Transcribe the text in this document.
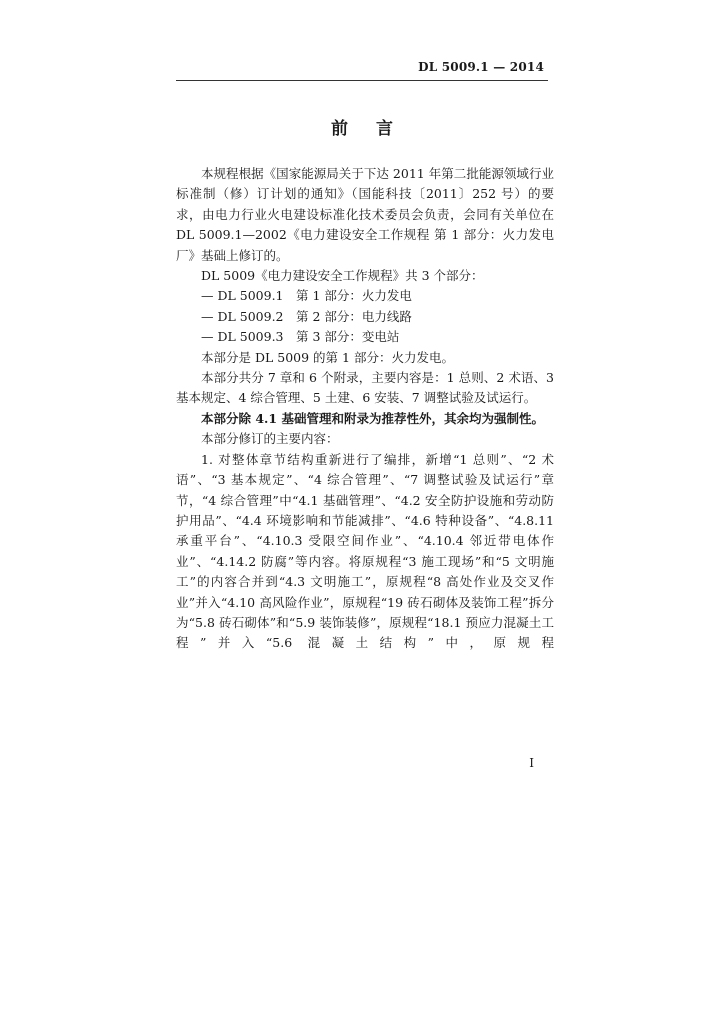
DL 5009.1 — 2014
前言

本规程根据《国家能源局关于下达 2011 年第二批能源领域行业标准制（修）订计划的通知》（国能科技〔2011〕252 号）的要求，由电力行业火电建设标准化技术委员会负责，会同有关单位在 DL 5009.1—2002《电力建设安全工作规程 第 1 部分：火力发电厂》基础上修订的。

DL 5009《电力建设安全工作规程》共 3 个部分：

— DL 5009.1　第 1 部分：火力发电

— DL 5009.2　第 2 部分：电力线路

— DL 5009.3　第 3 部分：变电站

本部分是 DL 5009 的第 1 部分：火力发电。

本部分共分 7 章和 6 个附录，主要内容是：1 总则、2 术语、3 基本规定、4 综合管理、5 土建、6 安装、7 调整试验及试运行。

本部分除 4.1 基础管理和附录为推荐性外，其余均为强制性。

本部分修订的主要内容：

1. 对整体章节结构重新进行了编排，新增“1 总则”、“2 术语”、“3 基本规定”、“4 综合管理”、“7 调整试验及试运行”章节，“4 综合管理”中“4.1 基础管理”、“4.2 安全防护设施和劳动防护用品”、“4.4 环境影响和节能减排”、“4.6 特种设备”、“4.8.11 承重平台”、“4.10.3 受限空间作业”、“4.10.4 邻近带电体作业”、“4.14.2 防腐”等内容。将原规程“3 施工现场”和“5 文明施工”的内容合并到“4.3 文明施工”，原规程“8 高处作业及交叉作业”并入“4.10 高风险作业”，原规程“19 砖石砌体及装饰工程”拆分为“5.8 砖石砌体”和“5.9 装饰装修”，原规程“18.1 预应力混凝土工程”并入“5.6 混凝土结构”中，原规程

I
